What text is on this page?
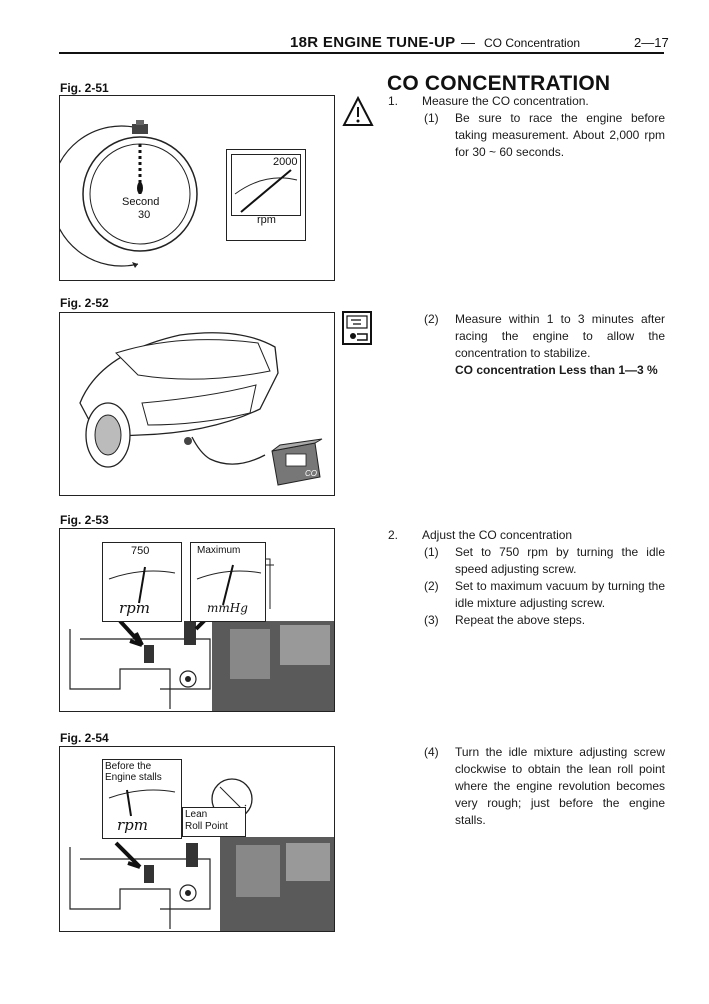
18R ENGINE TUNE-UP — CO Concentration	2—17
Fig. 2-51
Second
30
2000
rpm
Fig. 2-52
CO
Fig. 2-53
750
rpm
Maximum
mmHg
Fig. 2-54
Before the
Engine stalls
rpm
Lean
Roll Point
CO CONCENTRATION
1. Measure the CO concentration.
(1) Be sure to race the engine before taking measurement. About 2,000 rpm for 30 ~ 60 seconds.
(2) Measure within 1 to 3 minutes after racing the engine to allow the concentration to stabilize.
CO concentration Less than 1—3 %
2. Adjust the CO concentration
(1) Set to 750 rpm by turning the idle speed adjusting screw.
(2) Set to maximum vacuum by turning the idle mixture adjusting screw.
(3) Repeat the above steps.
(4) Turn the idle mixture adjusting screw clockwise to obtain the lean roll point where the engine revolution becomes very rough; just before the engine stalls.
